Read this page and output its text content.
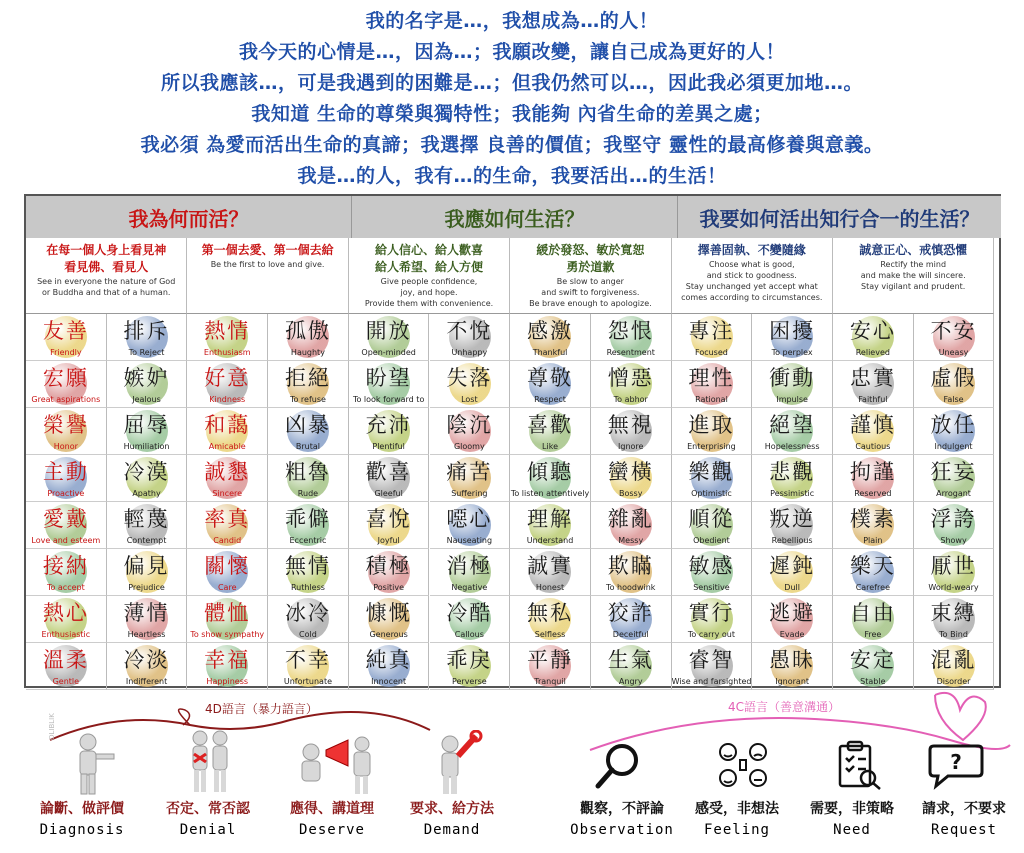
我的名字是…，我想成為…的人！
我今天的心情是…，因為…；我願改變，讓自己成為更好的人！
所以我應該…，可是我遇到的困難是…；但我仍然可以…，因此我必須更加地…。
我知道 生命的尊榮與獨特性；我能夠 內省生命的差異之處；
我必須 為愛而活出生命的真諦；我選擇 良善的價值；我堅守 靈性的最高修養與意義。
我是…的人，我有…的生命，我要活出…的生活！
我為何而活？	我應如何生活？	我要如何活出知行合一的生活？
在每一個人身上看見神
看見佛、看見人
See in everyone the nature of God
or Buddha and that of a human.
第一個去愛、第一個去給
Be the first to love and give.
給人信心、給人歡喜
給人希望、給人方便
Give people confidence,
joy, and hope.
Provide them with convenience.
緩於發怒、敏於寬恕
勇於道歉
Be slow to anger
and swift to forgiveness.
Be brave enough to apologize.
擇善固執、不變隨緣
Choose what is good,
and stick to goodness.
Stay unchanged yet accept what comes according to circumstances.
誠意正心、戒慎恐懼
Rectify the mind
and make the will sincere.
Stay vigilant and prudent.
友善
Friendly
排斥
To Reject
熱情
Enthusiasm
孤傲
Haughty
開放
Open-minded
不悅
Unhappy
感激
Thankful
怨恨
Resentment
專注
Focused
困擾
To perplex
安心
Relieved
不安
Uneasy
宏願
Great aspirations
嫉妒
Jealous
好意
Kindness
拒絕
To refuse
盼望
To look forward to
失落
Lost
尊敬
Respect
憎惡
To abhor
理性
Rational
衝動
Impulse
忠實
Faithful
虛假
False
榮譽
Honor
屈辱
Humiliation
和藹
Amicable
凶暴
Brutal
充沛
Plentiful
陰沉
Gloomy
喜歡
Like
無視
Ignore
進取
Enterprising
絕望
Hopelessness
謹慎
Cautious
放任
Indulgent
主動
Proactive
冷漠
Apathy
誠懇
Sincere
粗魯
Rude
歡喜
Gleeful
痛苦
Suffering
傾聽
To listen attentively
蠻橫
Bossy
樂觀
Optimistic
悲觀
Pessimistic
拘謹
Reserved
狂妄
Arrogant
愛戴
Love and esteem
輕蔑
Contempt
率真
Candid
乖僻
Eccentric
喜悅
Joyful
噁心
Nauseating
理解
Understand
雜亂
Messy
順從
Obedient
叛逆
Rebellious
樸素
Plain
浮誇
Showy
接納
To accept
偏見
Prejudice
關懷
Care
無情
Ruthless
積極
Positive
消極
Negative
誠實
Honest
欺瞞
To hoodwink
敏感
Sensitive
遲鈍
Dull
樂天
Carefree
厭世
World-weary
熱心
Enthusiastic
薄情
Heartless
體恤
To show sympathy
冰冷
Cold
慷慨
Generous
冷酷
Callous
無私
Selfless
狡詐
Deceitful
實行
To carry out
逃避
Evade
自由
Free
束縛
To Bind
溫柔
Gentle
冷淡
Indifferent
幸福
Happiness
不幸
Unfortunate
純真
Innocent
乖戾
Perverse
平靜
Tranquil
生氣
Angry
睿智
Wise and farsighted
愚昧
Ignorant
安定
Stable
混亂
Disorder
4D語言（暴力語言）
OLIBLIK
4C語言（善意溝通）
?
論斷、做評價
Diagnosis
否定、常否認
Denial
應得、講道理
Deserve
要求、給方法
Demand
觀察，不評論
Observation
感受，非想法
Feeling
需要，非策略
Need
請求，不要求
Request
